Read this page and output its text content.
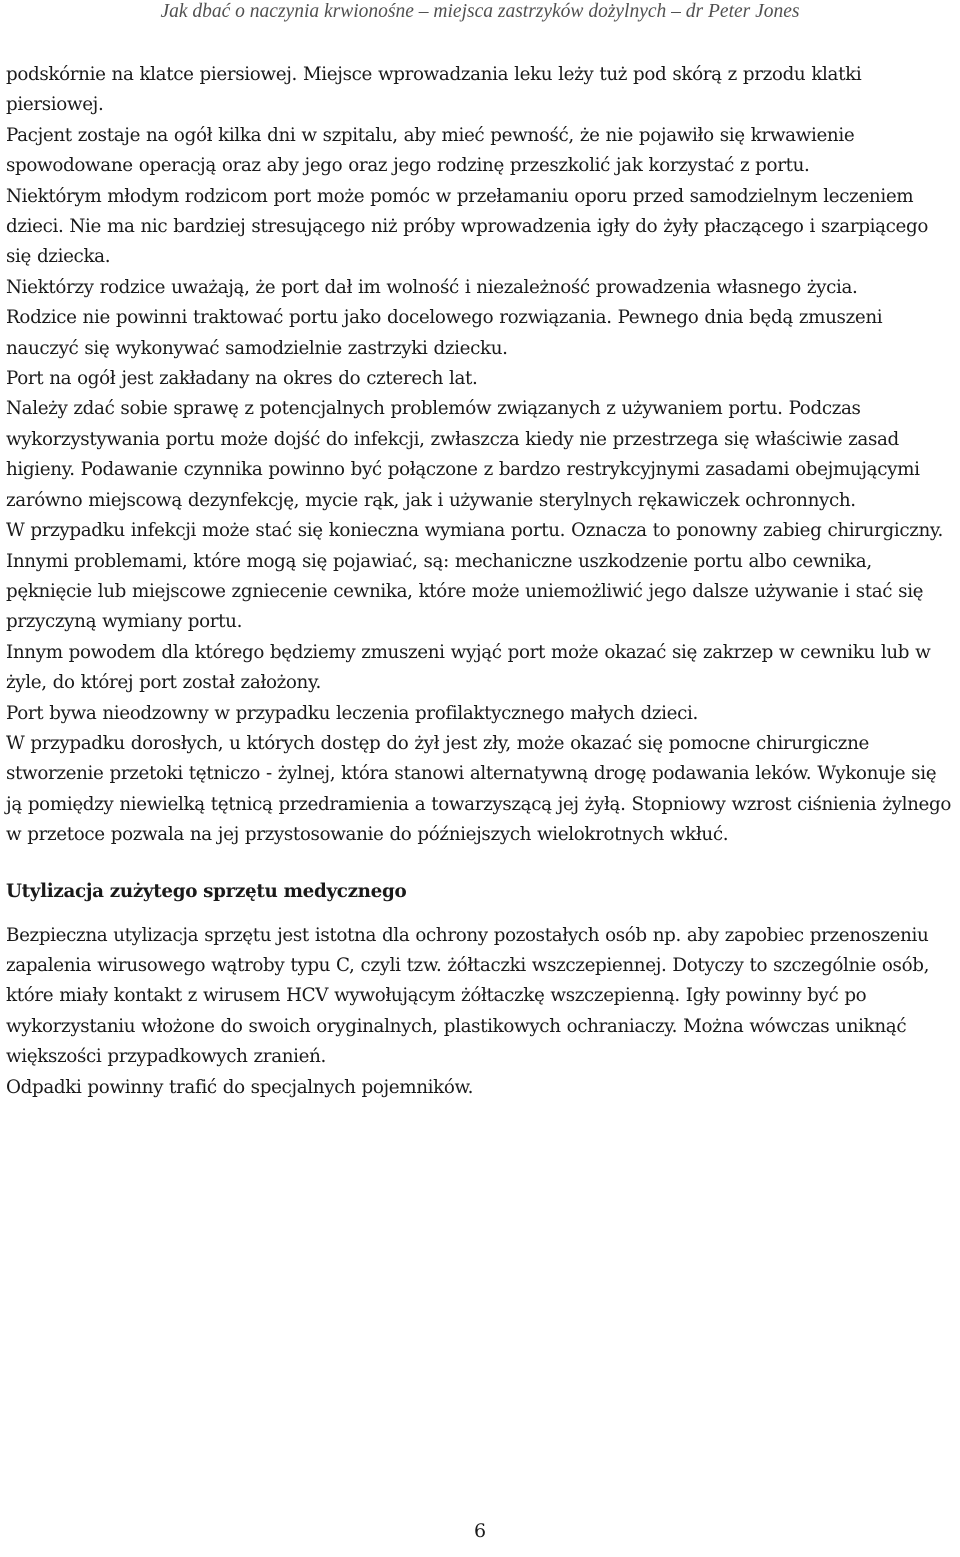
Jak dbać o naczynia krwionośne – miejsca zastrzyków dożylnych – dr Peter Jones

podskórnie na klatce piersiowej. Miejsce wprowadzania leku leży tuż pod skórą z przodu klatki piersiowej.

Pacjent zostaje na ogół kilka dni w szpitalu, aby mieć pewność, że nie pojawiło się krwawienie spowodowane operacją oraz aby jego oraz jego rodzinę przeszkolić jak korzystać z portu.

Niektórym młodym rodzicom port może pomóc w przełamaniu oporu przed samodzielnym leczeniem dzieci. Nie ma nic bardziej stresującego niż próby wprowadzenia igły do żyły płaczącego i szarpiącego się dziecka.

Niektórzy rodzice uważają, że port dał im wolność i niezależność prowadzenia własnego życia.

Rodzice nie powinni traktować portu jako docelowego rozwiązania. Pewnego dnia będą zmuszeni nauczyć się wykonywać samodzielnie zastrzyki dziecku.

Port na ogół jest zakładany na okres do czterech lat.

Należy zdać sobie sprawę z potencjalnych problemów związanych z używaniem portu. Podczas wykorzystywania portu może dojść do infekcji, zwłaszcza kiedy nie przestrzega się właściwie zasad higieny. Podawanie czynnika powinno być połączone z bardzo restrykcyjnymi zasadami obejmującymi zarówno miejscową dezynfekcję, mycie rąk, jak i używanie sterylnych rękawiczek ochronnych.

W przypadku infekcji może stać się konieczna wymiana portu. Oznacza to ponowny zabieg chirurgiczny. Innymi problemami, które mogą się pojawiać, są: mechaniczne uszkodzenie portu albo cewnika, pęknięcie lub miejscowe zgniecenie cewnika, które może uniemożliwić jego dalsze używanie i stać się przyczyną wymiany portu.

Innym powodem dla którego będziemy zmuszeni wyjąć port może okazać się zakrzep w cewniku lub w żyle, do której port został założony.

Port bywa nieodzowny w przypadku leczenia profilaktycznego małych dzieci.

W przypadku dorosłych, u których dostęp do żył jest zły, może okazać się pomocne chirurgiczne stworzenie przetoki tętniczo - żylnej, która stanowi alternatywną drogę podawania leków. Wykonuje się ją pomiędzy niewielką tętnicą przedramienia a towarzyszącą jej żyłą. Stopniowy wzrost ciśnienia żylnego w przetoce pozwala na jej przystosowanie do późniejszych wielokrotnych wkłuć.

Utylizacja zużytego sprzętu medycznego

Bezpieczna utylizacja sprzętu jest istotna dla ochrony pozostałych osób np. aby zapobiec przenoszeniu zapalenia wirusowego wątroby typu C, czyli tzw. żółtaczki wszczepiennej. Dotyczy to szczególnie osób, które miały kontakt z wirusem HCV wywołującym żółtaczkę wszczepienną. Igły powinny być po wykorzystaniu włożone do swoich oryginalnych, plastikowych ochraniaczy. Można wówczas uniknąć większości przypadkowych zranień.

Odpadki powinny trafić do specjalnych pojemników.

6
